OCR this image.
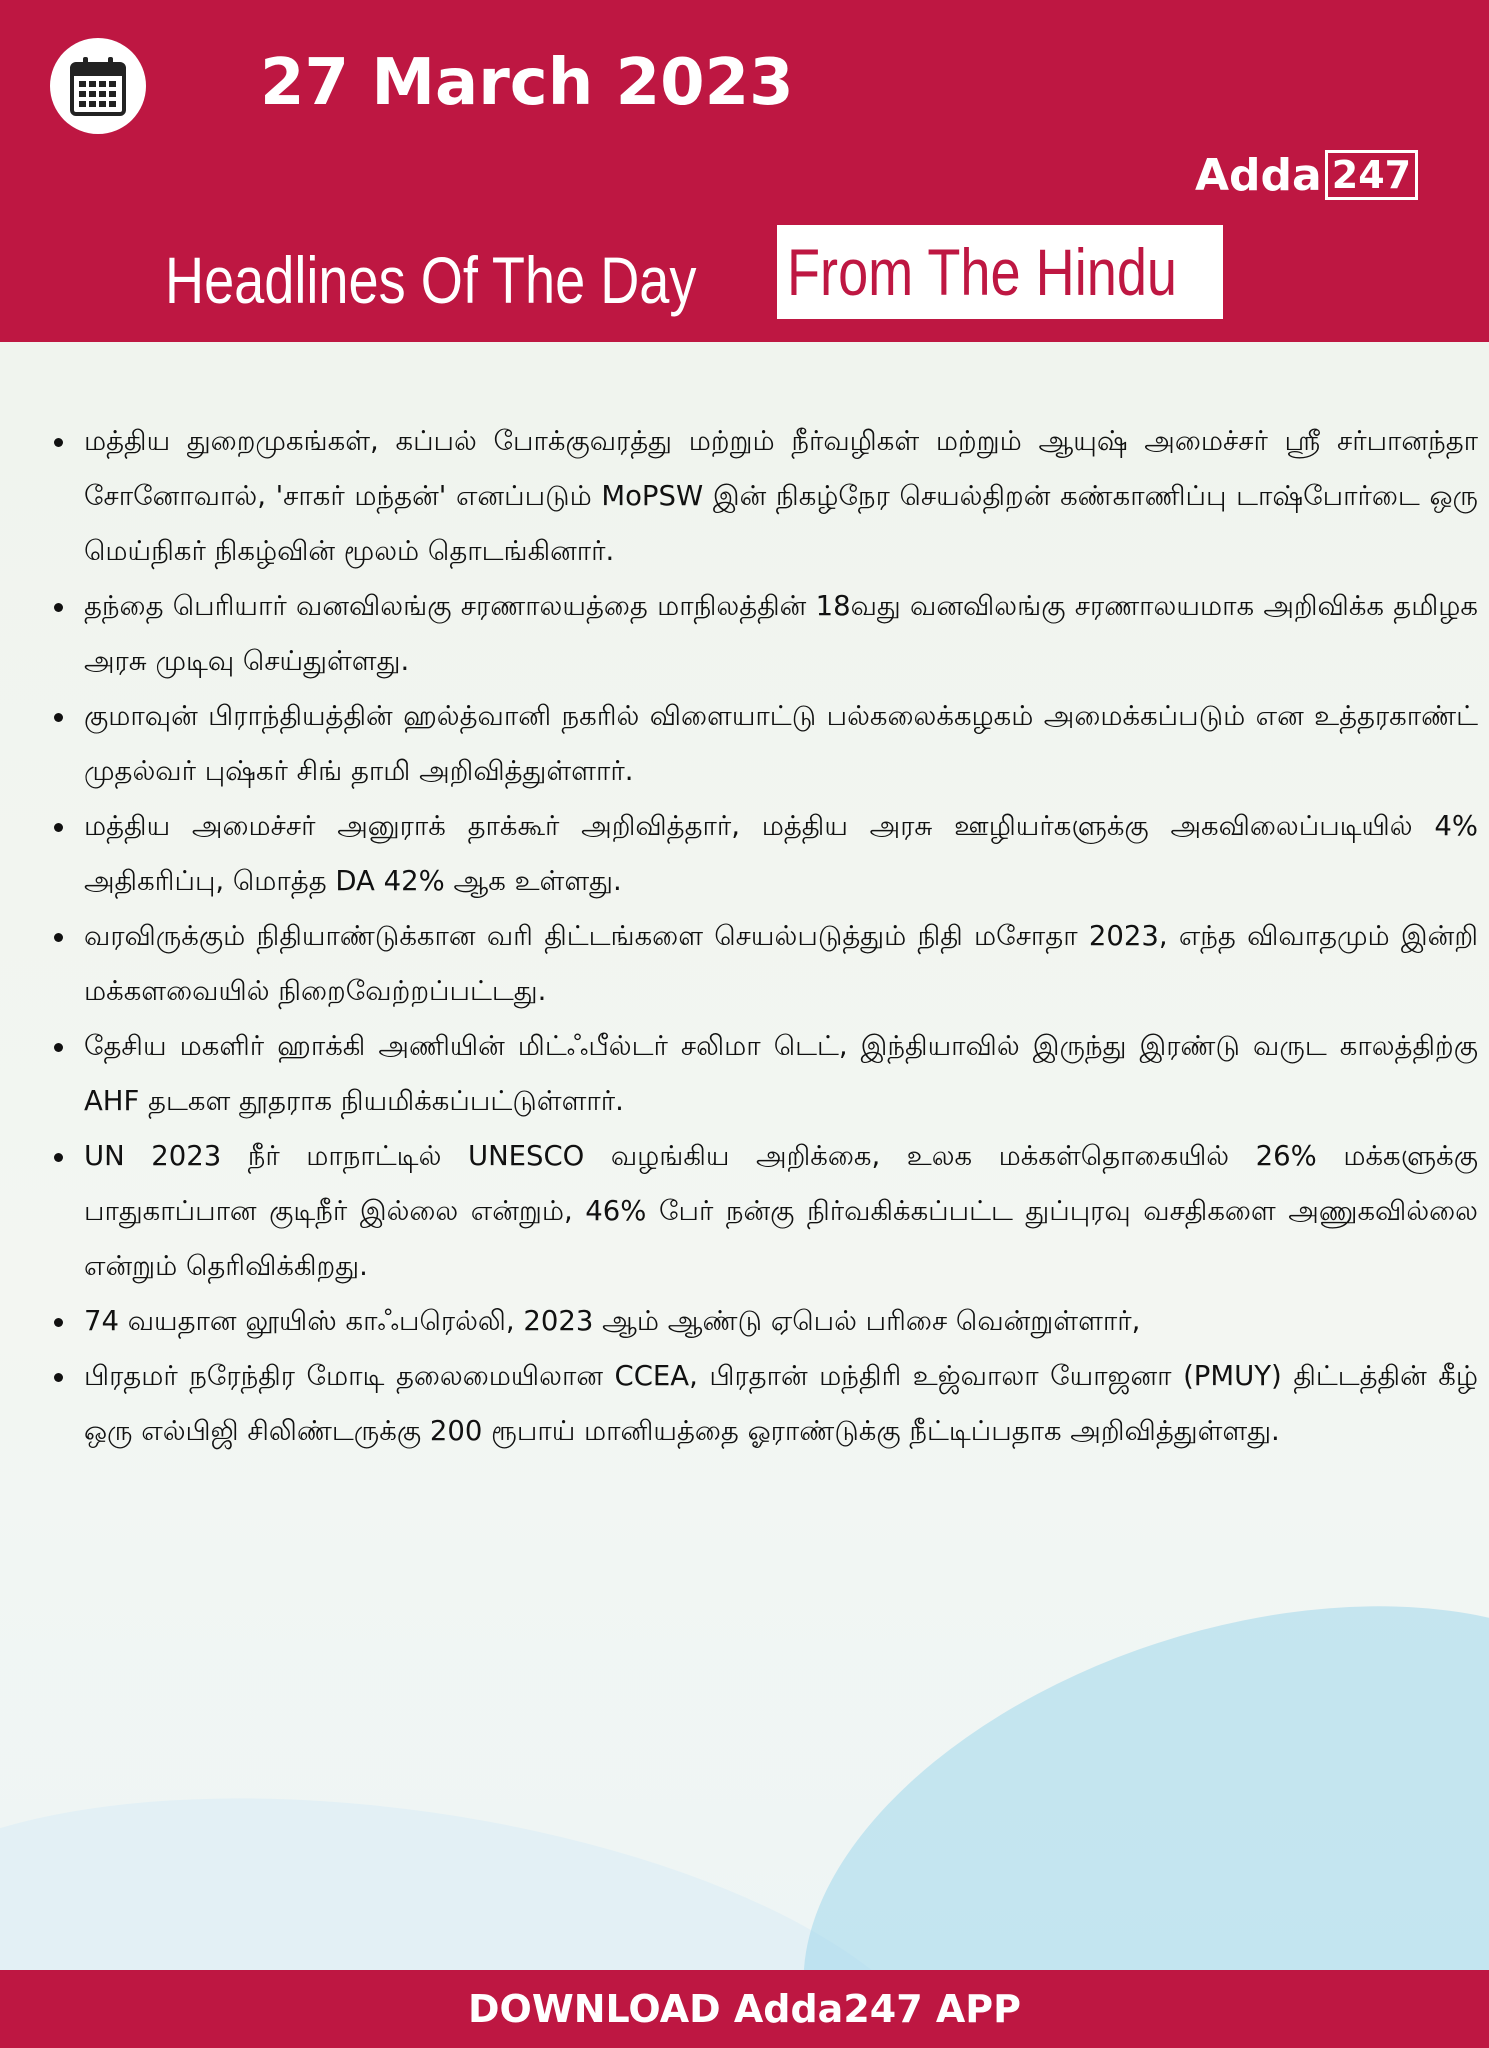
27 March 2023
Adda 247
Headlines Of The Day From The Hindu
மத்திய துறைமுகங்கள், கப்பல் போக்குவரத்து மற்றும் நீர்வழிகள் மற்றும் ஆயுஷ் அமைச்சர் ஸ்ரீ சர்பானந்தா சோனோவால், 'சாகர் மந்தன்' எனப்படும் MoPSW இன் நிகழ்நேர செயல்திறன் கண்காணிப்பு டாஷ்போர்டை ஒரு மெய்நிகர் நிகழ்வின் மூலம் தொடங்கினார்.
தந்தை பெரியார் வனவிலங்கு சரணாலயத்தை மாநிலத்தின் 18வது வனவிலங்கு சரணாலயமாக அறிவிக்க தமிழக அரசு முடிவு செய்துள்ளது.
குமாவுன் பிராந்தியத்தின் ஹல்த்வானி நகரில் விளையாட்டு பல்கலைக்கழகம் அமைக்கப்படும் என உத்தரகாண்ட் முதல்வர் புஷ்கர் சிங் தாமி அறிவித்துள்ளார்.
மத்திய அமைச்சர் அனுராக் தாக்கூர் அறிவித்தார், மத்திய அரசு ஊழியர்களுக்கு அகவிலைப்படியில் 4% அதிகரிப்பு, மொத்த DA 42% ஆக உள்ளது.
வரவிருக்கும் நிதியாண்டுக்கான வரி திட்டங்களை செயல்படுத்தும் நிதி மசோதா 2023, எந்த விவாதமும் இன்றி மக்களவையில் நிறைவேற்றப்பட்டது.
தேசிய மகளிர் ஹாக்கி அணியின் மிட்ஃபீல்டர் சலிமா டெட், இந்தியாவில் இருந்து இரண்டு வருட காலத்திற்கு AHF தடகள தூதராக நியமிக்கப்பட்டுள்ளார்.
UN 2023 நீர் மாநாட்டில் UNESCO வழங்கிய அறிக்கை, உலக மக்கள்தொகையில் 26% மக்களுக்கு பாதுகாப்பான குடிநீர் இல்லை என்றும், 46% பேர் நன்கு நிர்வகிக்கப்பட்ட துப்புரவு வசதிகளை அணுகவில்லை என்றும் தெரிவிக்கிறது.
74 வயதான லூயிஸ் காஃபரெல்லி, 2023 ஆம் ஆண்டு ஏபெல் பரிசை வென்றுள்ளார்,
பிரதமர் நரேந்திர மோடி தலைமையிலான CCEA, பிரதான் மந்திரி உஜ்வாலா யோஜனா (PMUY) திட்டத்தின் கீழ் ஒரு எல்பிஜி சிலிண்டருக்கு 200 ரூபாய் மானியத்தை ஓராண்டுக்கு நீட்டிப்பதாக அறிவித்துள்ளது.
DOWNLOAD Adda247 APP
